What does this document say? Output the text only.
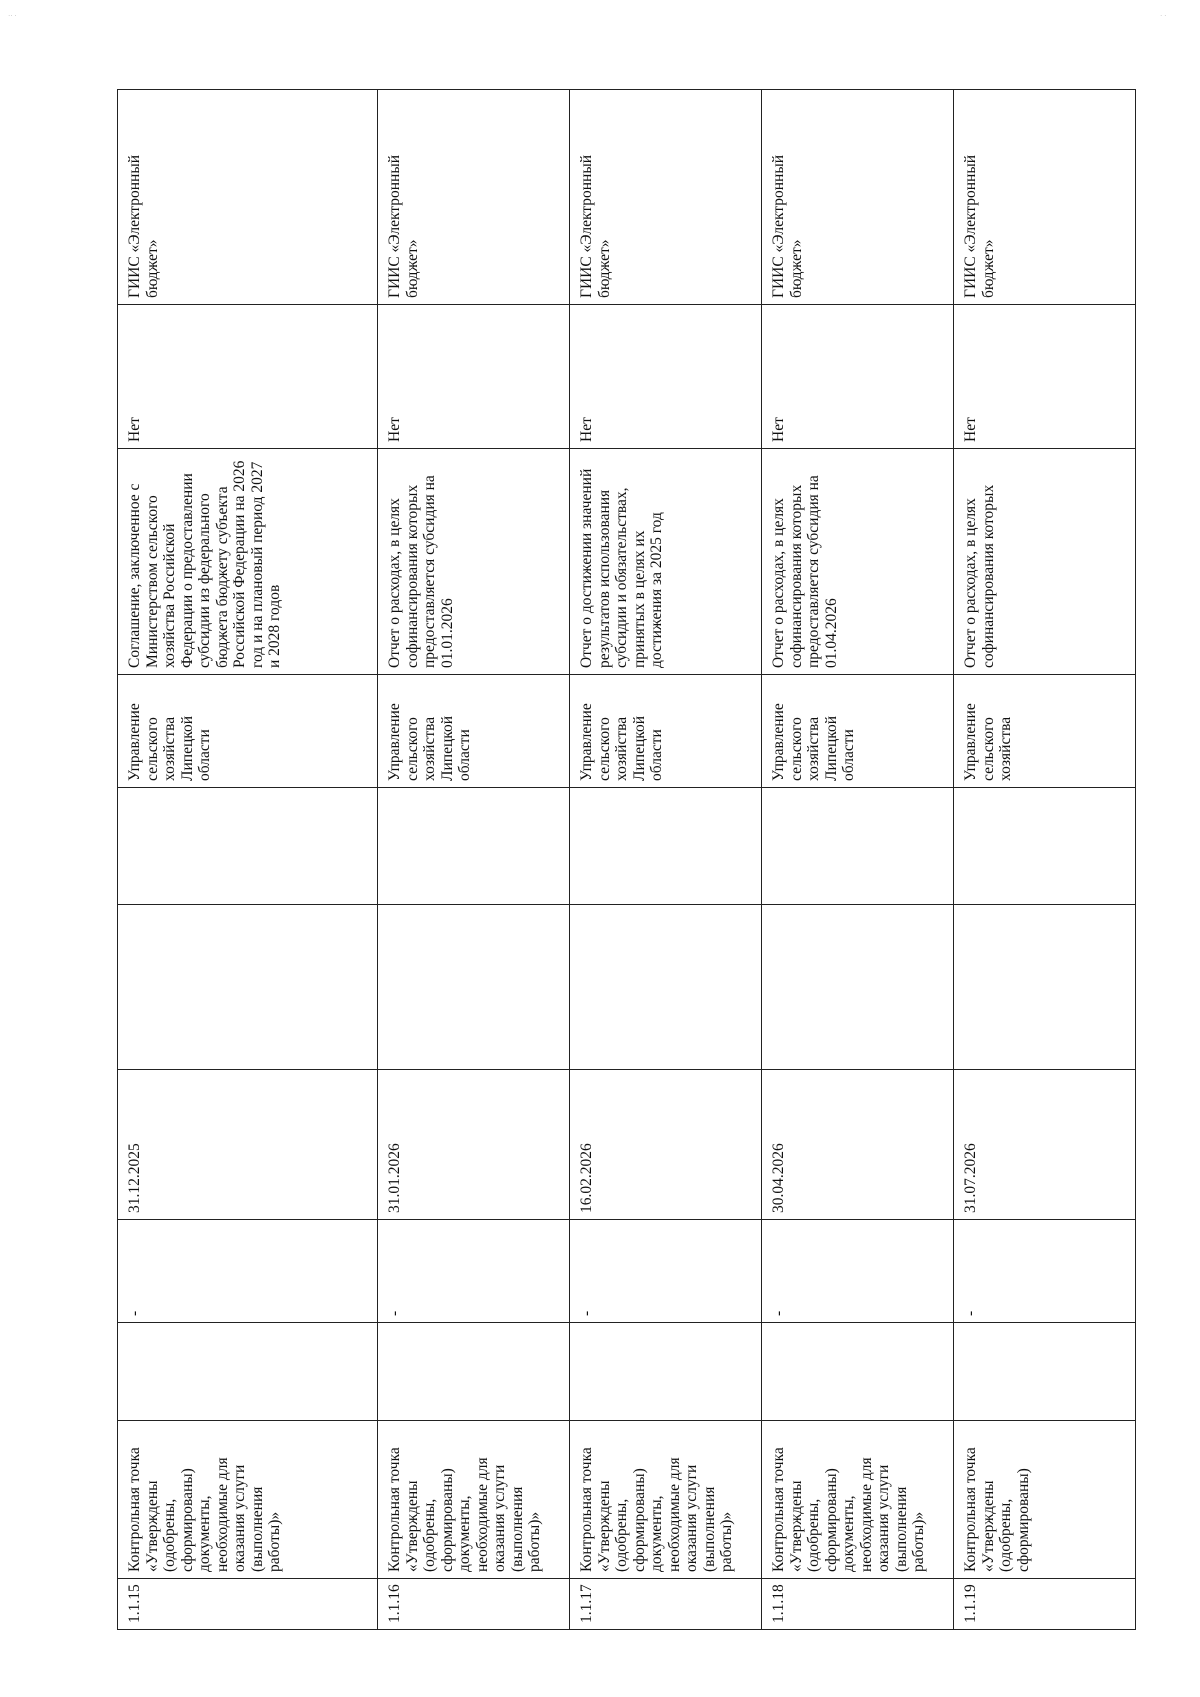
·· ·	· ·
1.1.15	Контрольная точка «Утверждены (одобрены, сформированы) документы, необходимые для оказания услуги (выполнения работы)»		-	31.12.2025			Управление сельского хозяйства Липецкой области	Соглашение, заключенное с Министерством сельского хозяйства Российской Федерации о предоставлении субсидии из федерального бюджета бюджету субъекта Российской Федерации на 2026 год и на плановый период 2027 и 2028 годов	Нет	ГИИС «Электронный бюджет»
1.1.16	Контрольная точка «Утверждены (одобрены, сформированы) документы, необходимые для оказания услуги (выполнения работы)»		-	31.01.2026			Управление сельского хозяйства Липецкой области	Отчет о расходах, в целях софинансирования которых предоставляется субсидия на 01.01.2026	Нет	ГИИС «Электронный бюджет»
1.1.17	Контрольная точка «Утверждены (одобрены, сформированы) документы, необходимые для оказания услуги (выполнения работы)»		-	16.02.2026			Управление сельского хозяйства Липецкой области	Отчет о достижении значений результатов использования субсидии и обязательствах, принятых в целях их достижения за 2025 год	Нет	ГИИС «Электронный бюджет»
1.1.18	Контрольная точка «Утверждены (одобрены, сформированы) документы, необходимые для оказания услуги (выполнения работы)»		-	30.04.2026			Управление сельского хозяйства Липецкой области	Отчет о расходах, в целях софинансирования которых предоставляется субсидия на 01.04.2026	Нет	ГИИС «Электронный бюджет»
1.1.19	Контрольная точка «Утверждены (одобрены, сформированы)		-	31.07.2026			Управление сельского хозяйства	Отчет о расходах, в целях софинансирования которых	Нет	ГИИС «Электронный бюджет»
